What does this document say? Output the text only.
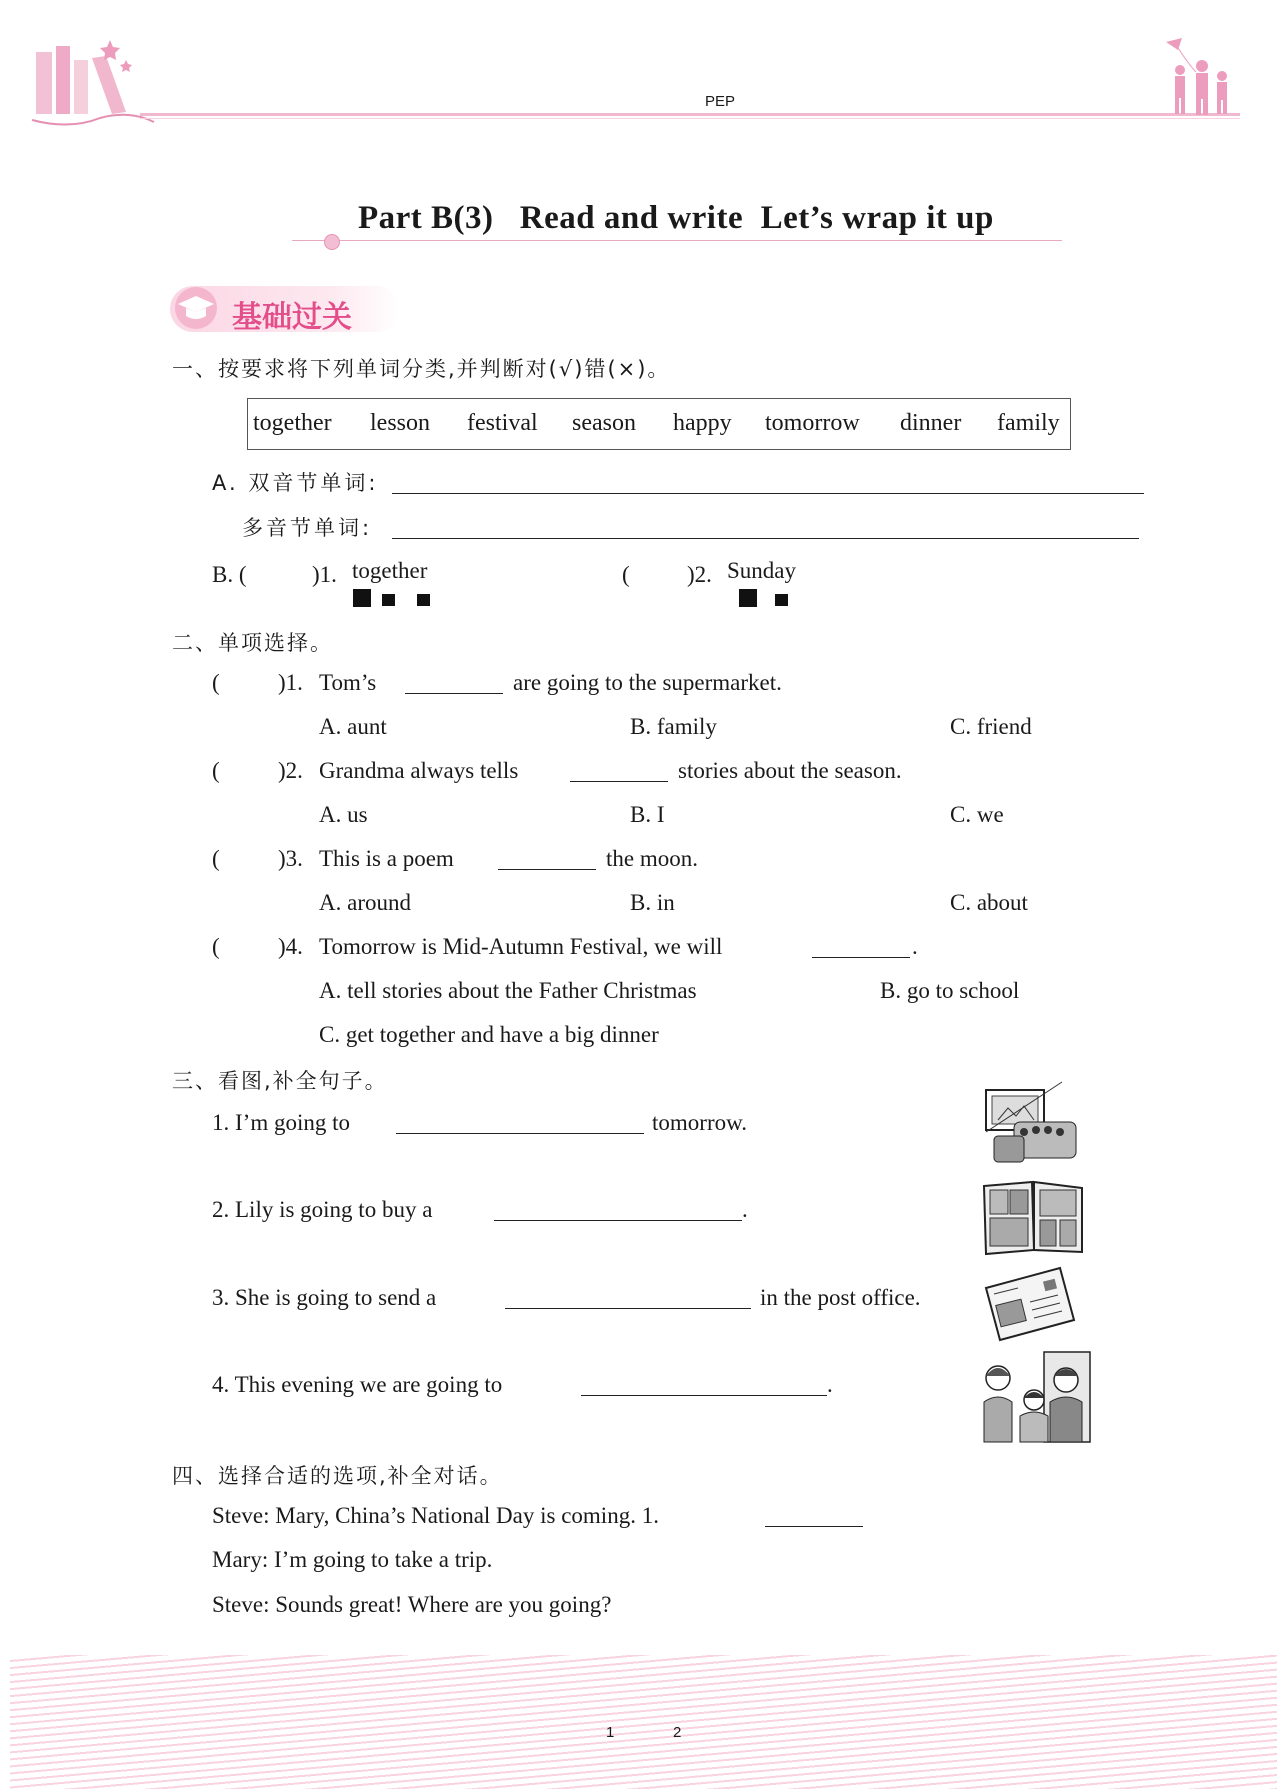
PEP
Part B(3)   Read and write  Let’s wrap it up
基础过关
一、按要求将下列单词分类,并判断对(√)错(×)。
together lesson festival season happy tomorrow dinner family
A. 双音节单词:
多音节单词:
B. (	)1. together	( )2. Sunday
二、单项选择。
(	)1. Tom’s	are going to the supermarket.
A. aunt	B. family	C. friend
(	)2. Grandma always tells	stories about the season.
A. us	B. I	C. we
(	)3. This is a poem	the moon.
A. around	B. in	C. about
(	)4. Tomorrow is Mid-Autumn Festival, we will	.
A. tell stories about the Father Christmas	B. go to school
C. get together and have a big dinner
三、看图,补全句子。
1. I’m going to	tomorrow.
2. Lily is going to buy a	.
3. She is going to send a	in the post office.
4. This evening we are going to	.
四、选择合适的选项,补全对话。
Steve: Mary, China’s National Day is coming. 1.
Mary: I’m going to take a trip.
Steve: Sounds great! Where are you going?
1	2
